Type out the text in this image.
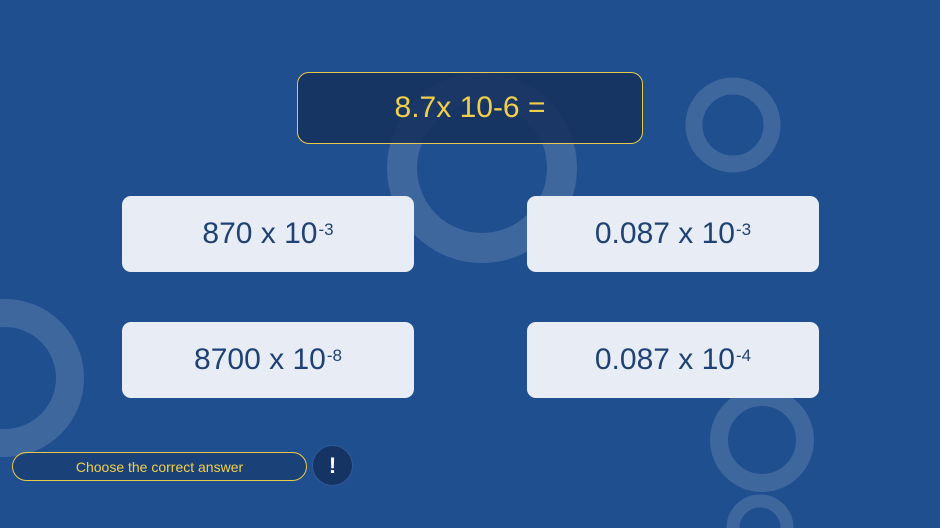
8.7x 10-6 =
870 x $10^{-3}$	0.087 x $10^{-3}$
8700 x $10^{-8}$	0.087 x $10^{-4}$
Choose the correct answer	!
